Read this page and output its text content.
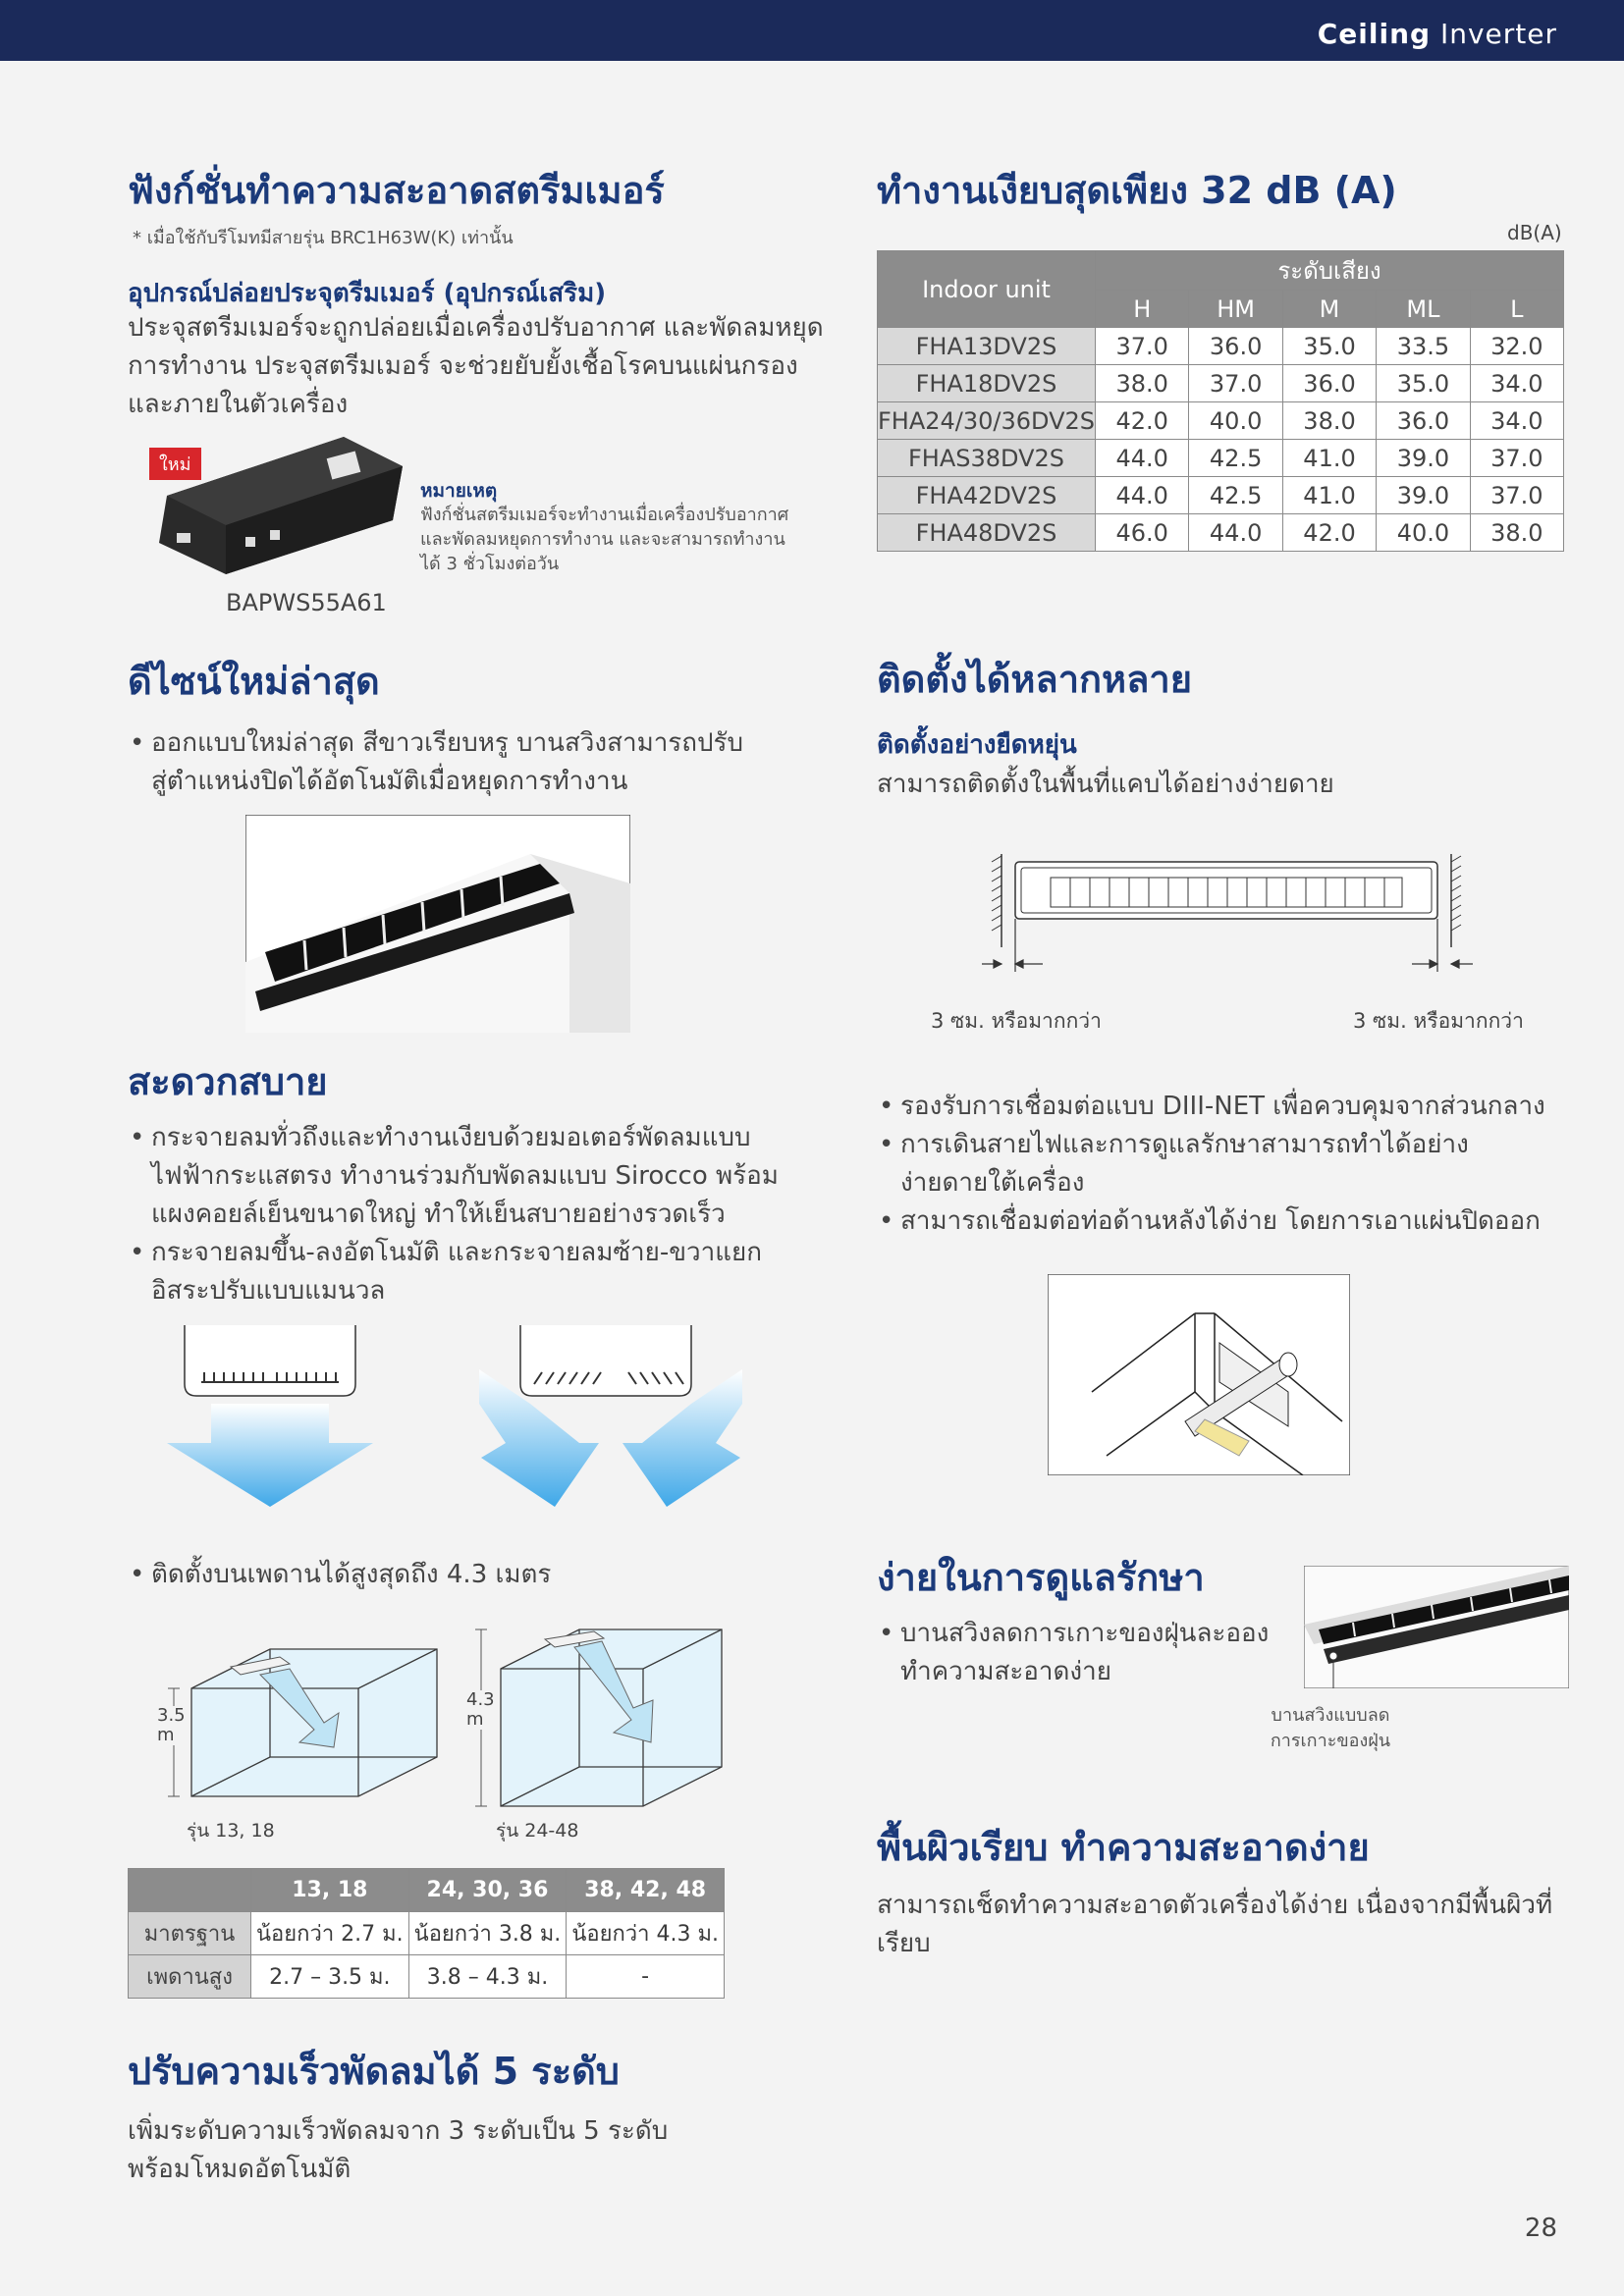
Ceiling Inverter
ฟังก์ชั่นทำความสะอาดสตรีมเมอร์
* เมื่อใช้กับรีโมทมีสายรุ่น BRC1H63W(K) เท่านั้น
อุปกรณ์ปล่อยประจุตรีมเมอร์ (อุปกรณ์เสริม)
ประจุสตรีมเมอร์จะถูกปล่อยเมื่อเครื่องปรับอากาศ และพัดลมหยุดการทำงาน ประจุสตรีมเมอร์ จะช่วยยับยั้งเชื้อโรคบนแผ่นกรองและภายในตัวเครื่อง
ใหม่
BAPWS55A61
หมายเหตุ
ฟังก์ชั่นสตรีมเมอร์จะทำงานเมื่อเครื่องปรับอากาศ และพัดลมหยุดการทำงาน และจะสามารถทำงานได้ 3 ชั่วโมงต่อวัน
ดีไซน์ใหม่ล่าสุด
• ออกแบบใหม่ล่าสุด สีขาวเรียบหรู บานสวิงสามารถปรับสู่ตำแหน่งปิดได้อัตโนมัติเมื่อหยุดการทำงาน
สะดวกสบาย
• กระจายลมทั่วถึงและทำงานเงียบด้วยมอเตอร์พัดลมแบบไฟฟ้ากระแสตรง ทำงานร่วมกับพัดลมแบบ Sirocco พร้อมแผงคอยล์เย็นขนาดใหญ่ ทำให้เย็นสบายอย่างรวดเร็ว
• กระจายลมขึ้น-ลงอัตโนมัติ และกระจายลมซ้าย-ขวาแยกอิสระปรับแบบแมนวล
• ติดตั้งบนเพดานได้สูงสุดถึง 4.3 เมตร
3.5 m
4.3 m
รุ่น 13, 18	รุ่น 24-48
	13, 18	24, 30, 36	38, 42, 48
มาตรฐาน	น้อยกว่า 2.7 ม.	น้อยกว่า 3.8 ม.	น้อยกว่า 4.3 ม.
เพดานสูง	2.7 – 3.5 ม.	3.8 – 4.3 ม.	-
ปรับความเร็วพัดลมได้ 5 ระดับ
เพิ่มระดับความเร็วพัดลมจาก 3 ระดับเป็น 5 ระดับพร้อมโหมดอัตโนมัติ
ทำงานเงียบสุดเพียง 32 dB (A)
dB(A)
Indoor unit	ระดับเสียง				
	H	HM	M	ML	L
FHA13DV2S	37.0	36.0	35.0	33.5	32.0
FHA18DV2S	38.0	37.0	36.0	35.0	34.0
FHA24/30/36DV2S	42.0	40.0	38.0	36.0	34.0
FHAS38DV2S	44.0	42.5	41.0	39.0	37.0
FHA42DV2S	44.0	42.5	41.0	39.0	37.0
FHA48DV2S	46.0	44.0	42.0	40.0	38.0
ติดตั้งได้หลากหลาย
ติดตั้งอย่างยืดหยุ่น
สามารถติดตั้งในพื้นที่แคบได้อย่างง่ายดาย
3 ซม. หรือมากกว่า	3 ซม. หรือมากกว่า
• รองรับการเชื่อมต่อแบบ DIII-NET เพื่อควบคุมจากส่วนกลาง
• การเดินสายไฟและการดูแลรักษาสามารถทำได้อย่างง่ายดายใต้เครื่อง
• สามารถเชื่อมต่อท่อด้านหลังได้ง่าย โดยการเอาแผ่นปิดออก
ง่ายในการดูแลรักษา
• บานสวิงลดการเกาะของฝุ่นละอองทำความสะอาดง่าย
บานสวิงแบบลดการเกาะของฝุ่น
พื้นผิวเรียบ ทำความสะอาดง่าย
สามารถเช็ดทำความสะอาดตัวเครื่องได้ง่าย เนื่องจากมีพื้นผิวที่เรียบ
28
